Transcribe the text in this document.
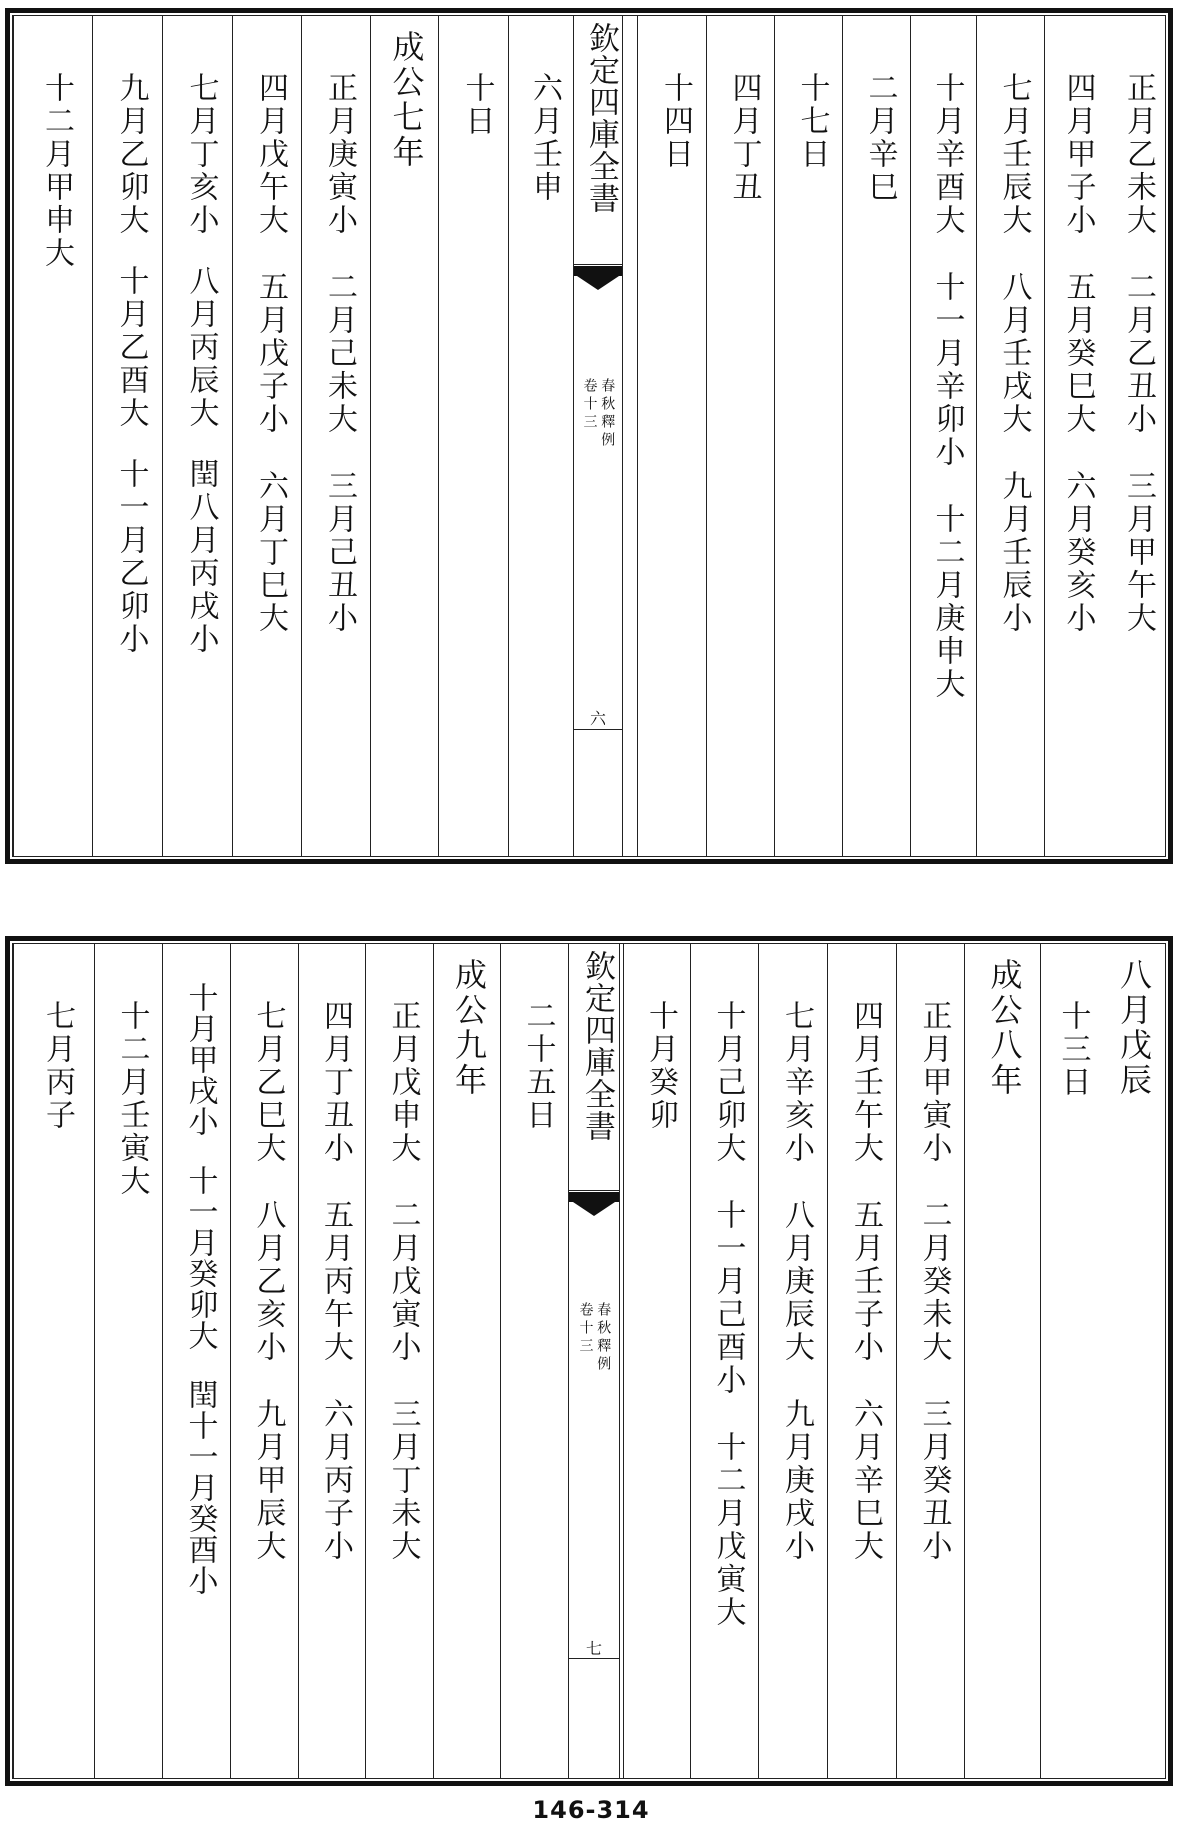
正月乙未大二月乙丑小三月甲午大
四月甲子小五月癸巳大六月癸亥小
七月壬辰大八月壬戌大九月壬辰小
十月辛酉大十一月辛卯小十二月庚申大
二月辛巳
十七日
四月丁丑
十四日
欽定四庫全書
春秋釋例
卷十三
六
六月壬申
十日
成公七年
正月庚寅小二月己未大三月己丑小
四月戊午大五月戊子小六月丁巳大
七月丁亥小八月丙辰大閏八月丙戌小
九月乙卯大十月乙酉大十一月乙卯小
十二月甲申大
八月戊辰
十三日
成公八年
正月甲寅小二月癸未大三月癸丑小
四月壬午大五月壬子小六月辛巳大
七月辛亥小八月庚辰大九月庚戌小
十月己卯大十一月己酉小十二月戊寅大
十月癸卯
欽定四庫全書
春秋釋例
卷十三
七
二十五日
成公九年
正月戊申大二月戊寅小三月丁未大
四月丁丑小五月丙午大六月丙子小
七月乙巳大八月乙亥小九月甲辰大
十月甲戌小十一月癸卯大閏十一月癸酉小
十二月壬寅大
七月丙子
146-314
